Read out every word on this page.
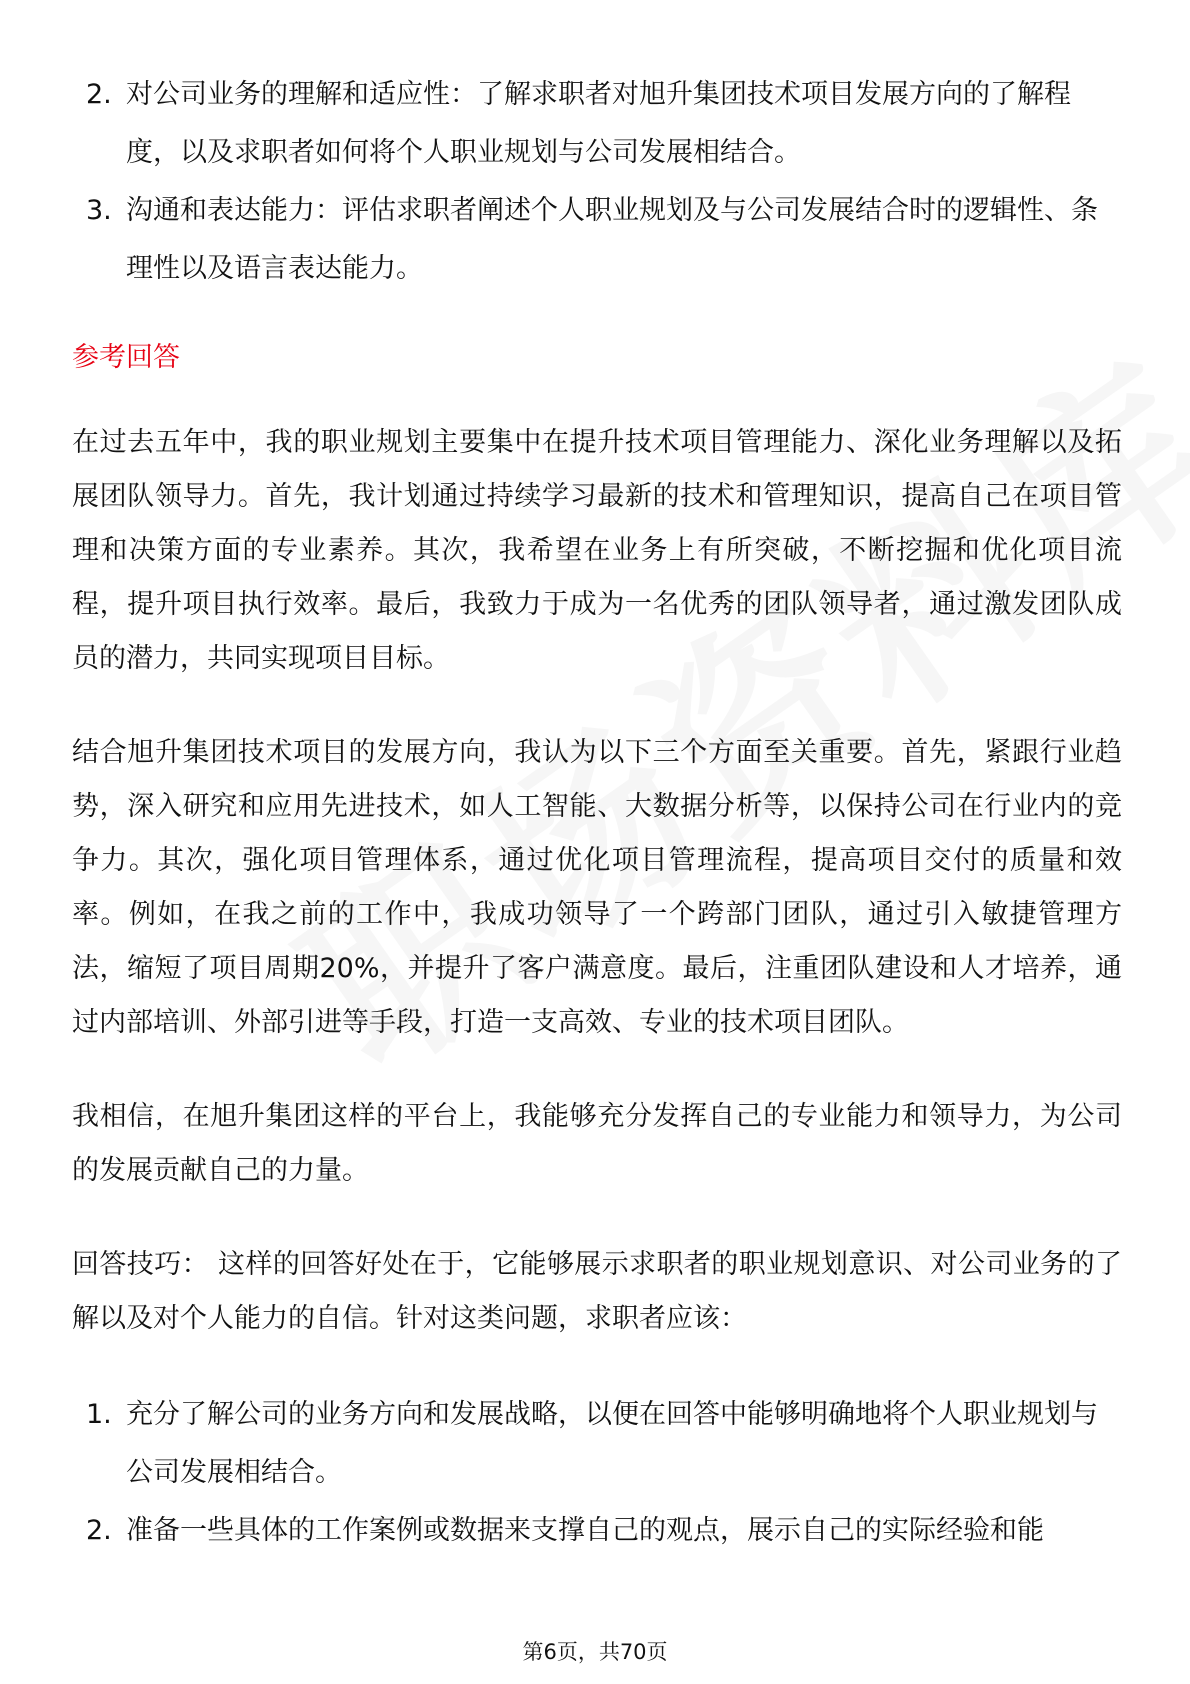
2. 对公司业务的理解和适应性：了解求职者对旭升集团技术项目发展方向的了解程度，以及求职者如何将个人职业规划与公司发展相结合。
3. 沟通和表达能力：评估求职者阐述个人职业规划及与公司发展结合时的逻辑性、条理性以及语言表达能力。
参考回答

在过去五年中，我的职业规划主要集中在提升技术项目管理能力、深化业务理解以及拓展团队领导力。首先，我计划通过持续学习最新的技术和管理知识，提高自己在项目管理和决策方面的专业素养。其次，我希望在业务上有所突破，不断挖掘和优化项目流程，提升项目执行效率。最后，我致力于成为一名优秀的团队领导者，通过激发团队成员的潜力，共同实现项目目标。

结合旭升集团技术项目的发展方向，我认为以下三个方面至关重要。首先，紧跟行业趋势，深入研究和应用先进技术，如人工智能、大数据分析等，以保持公司在行业内的竞争力。其次，强化项目管理体系，通过优化项目管理流程，提高项目交付的质量和效率。例如，在我之前的工作中，我成功领导了一个跨部门团队，通过引入敏捷管理方法，缩短了项目周期20%，并提升了客户满意度。最后，注重团队建设和人才培养，通过内部培训、外部引进等手段，打造一支高效、专业的技术项目团队。

我相信，在旭升集团这样的平台上，我能够充分发挥自己的专业能力和领导力，为公司的发展贡献自己的力量。

回答技巧： 这样的回答好处在于，它能够展示求职者的职业规划意识、对公司业务的了解以及对个人能力的自信。针对这类问题，求职者应该：

1. 充分了解公司的业务方向和发展战略，以便在回答中能够明确地将个人职业规划与公司发展相结合。
2. 准备一些具体的工作案例或数据来支撑自己的观点，展示自己的实际经验和能
第6页，共70页
